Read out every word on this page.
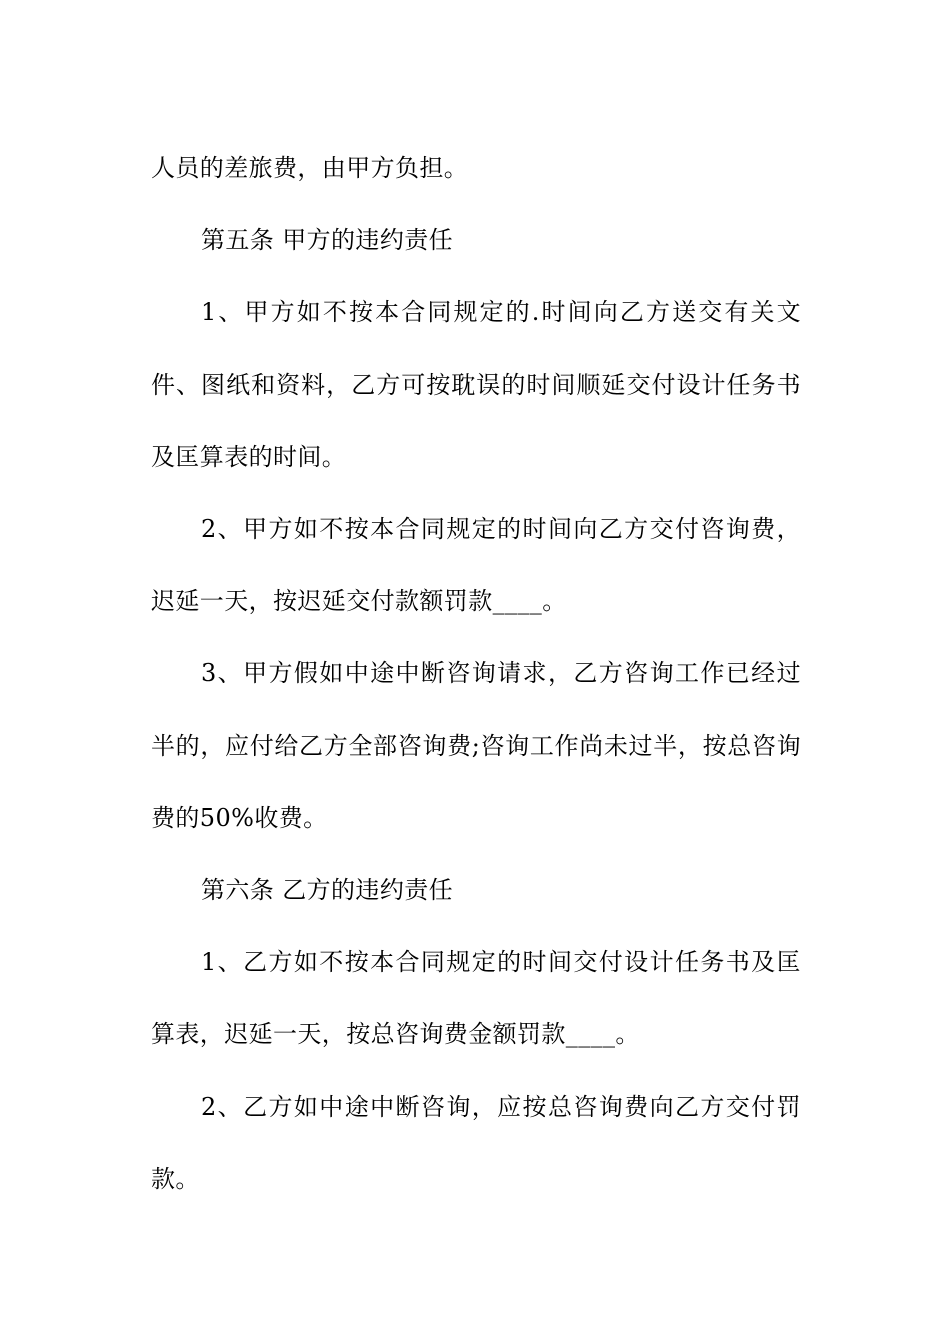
人员的差旅费，由甲方负担。

第五条 甲方的违约责任

1、甲方如不按本合同规定的.时间向乙方送交有关文件、图纸和资料，乙方可按耽误的时间顺延交付设计任务书及匡算表的时间。

2、甲方如不按本合同规定的时间向乙方交付咨询费，迟延一天，按迟延交付款额罚款____。

3、甲方假如中途中断咨询请求，乙方咨询工作已经过半的，应付给乙方全部咨询费;咨询工作尚未过半，按总咨询费的50%收费。

第六条 乙方的违约责任

1、乙方如不按本合同规定的时间交付设计任务书及匡算表，迟延一天，按总咨询费金额罚款____。

2、乙方如中途中断咨询，应按总咨询费向乙方交付罚款。
